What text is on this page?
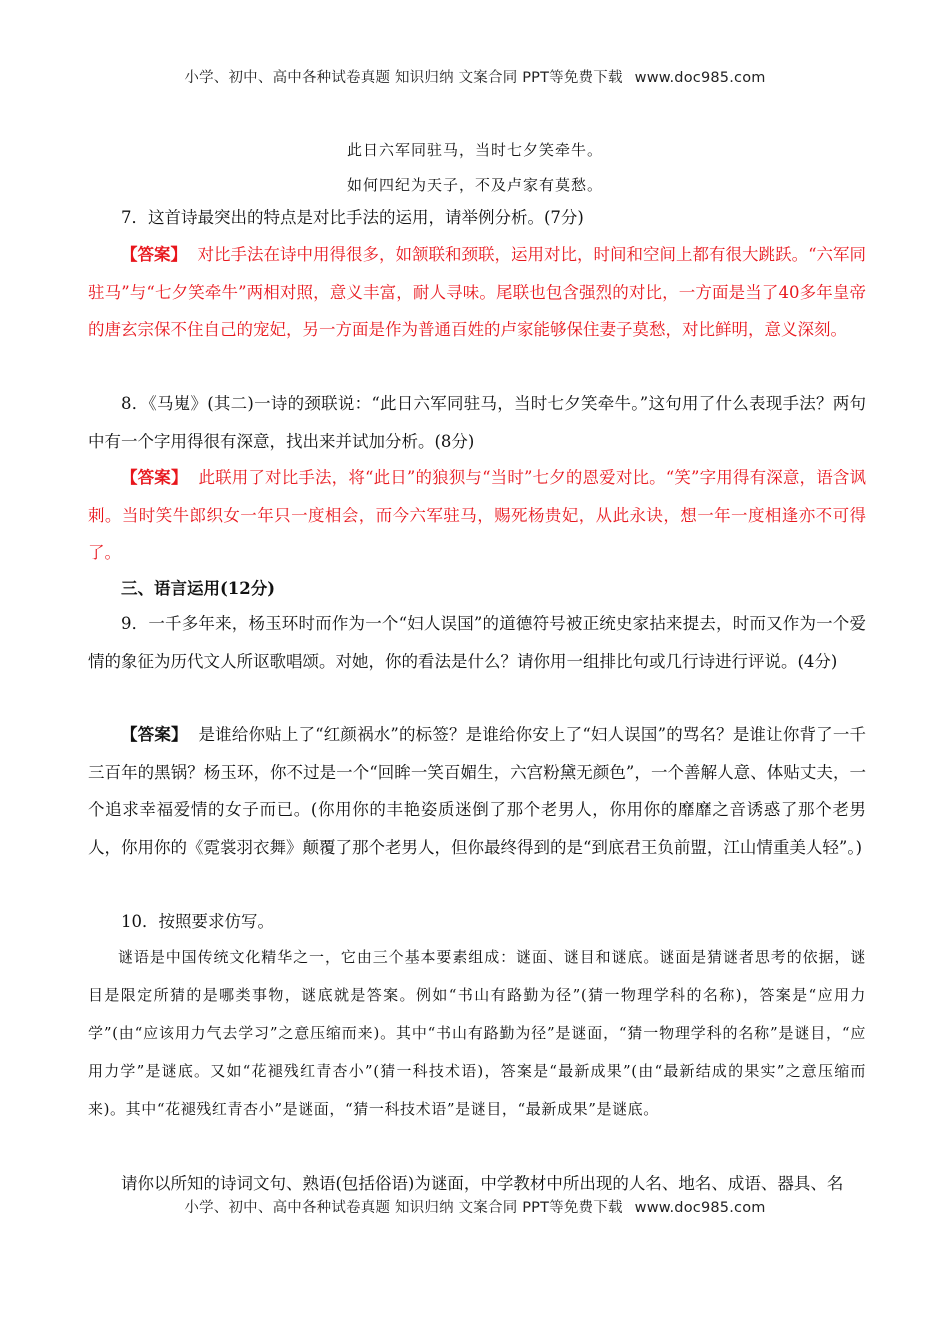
小学、初中、高中各种试卷真题 知识归纳 文案合同 PPT等免费下载 www.doc985.com
此日六军同驻马，当时七夕笑牵牛。
如何四纪为天子，不及卢家有莫愁。
7．这首诗最突出的特点是对比手法的运用，请举例分析。(7分)
【答案】 对比手法在诗中用得很多，如颔联和颈联，运用对比，时间和空间上都有很大跳跃。“六军同驻马”与“七夕笑牵牛”两相对照，意义丰富，耐人寻味。尾联也包含强烈的对比，一方面是当了40多年皇帝的唐玄宗保不住自己的宠妃，另一方面是作为普通百姓的卢家能够保住妻子莫愁，对比鲜明，意义深刻。
8．《马嵬》(其二)一诗的颈联说：“此日六军同驻马，当时七夕笑牵牛。”这句用了什么表现手法？两句中有一个字用得很有深意，找出来并试加分析。(8分)
【答案】 此联用了对比手法，将“此日”的狼狈与“当时”七夕的恩爱对比。“笑”字用得有深意，语含讽刺。当时笑牛郎织女一年只一度相会，而今六军驻马，赐死杨贵妃，从此永诀，想一年一度相逢亦不可得了。
三、语言运用(12分)
9．一千多年来，杨玉环时而作为一个“妇人误国”的道德符号被正统史家拈来提去，时而又作为一个爱情的象征为历代文人所讴歌唱颂。对她，你的看法是什么？请你用一组排比句或几行诗进行评说。(4分)
【答案】 是谁给你贴上了“红颜祸水”的标签？是谁给你安上了“妇人误国”的骂名？是谁让你背了一千三百年的黑锅？杨玉环，你不过是一个“回眸一笑百媚生，六宫粉黛无颜色”，一个善解人意、体贴丈夫，一个追求幸福爱情的女子而已。(你用你的丰艳姿质迷倒了那个老男人，你用你的靡靡之音诱惑了那个老男人，你用你的《霓裳羽衣舞》颠覆了那个老男人，但你最终得到的是“到底君王负前盟，江山情重美人轻”。)
10．按照要求仿写。
谜语是中国传统文化精华之一，它由三个基本要素组成：谜面、谜目和谜底。谜面是猜谜者思考的依据，谜目是限定所猜的是哪类事物，谜底就是答案。例如“书山有路勤为径”(猜一物理学科的名称)，答案是“应用力学”(由“应该用力气去学习”之意压缩而来)。其中“书山有路勤为径”是谜面，“猜一物理学科的名称”是谜目，“应用力学”是谜底。又如“花褪残红青杏小”(猜一科技术语)，答案是“最新成果”(由“最新结成的果实”之意压缩而来)。其中“花褪残红青杏小”是谜面，“猜一科技术语”是谜目，“最新成果”是谜底。
请你以所知的诗词文句、熟语(包括俗语)为谜面，中学教材中所出现的人名、地名、成语、器具、名
小学、初中、高中各种试卷真题 知识归纳 文案合同 PPT等免费下载 www.doc985.com
